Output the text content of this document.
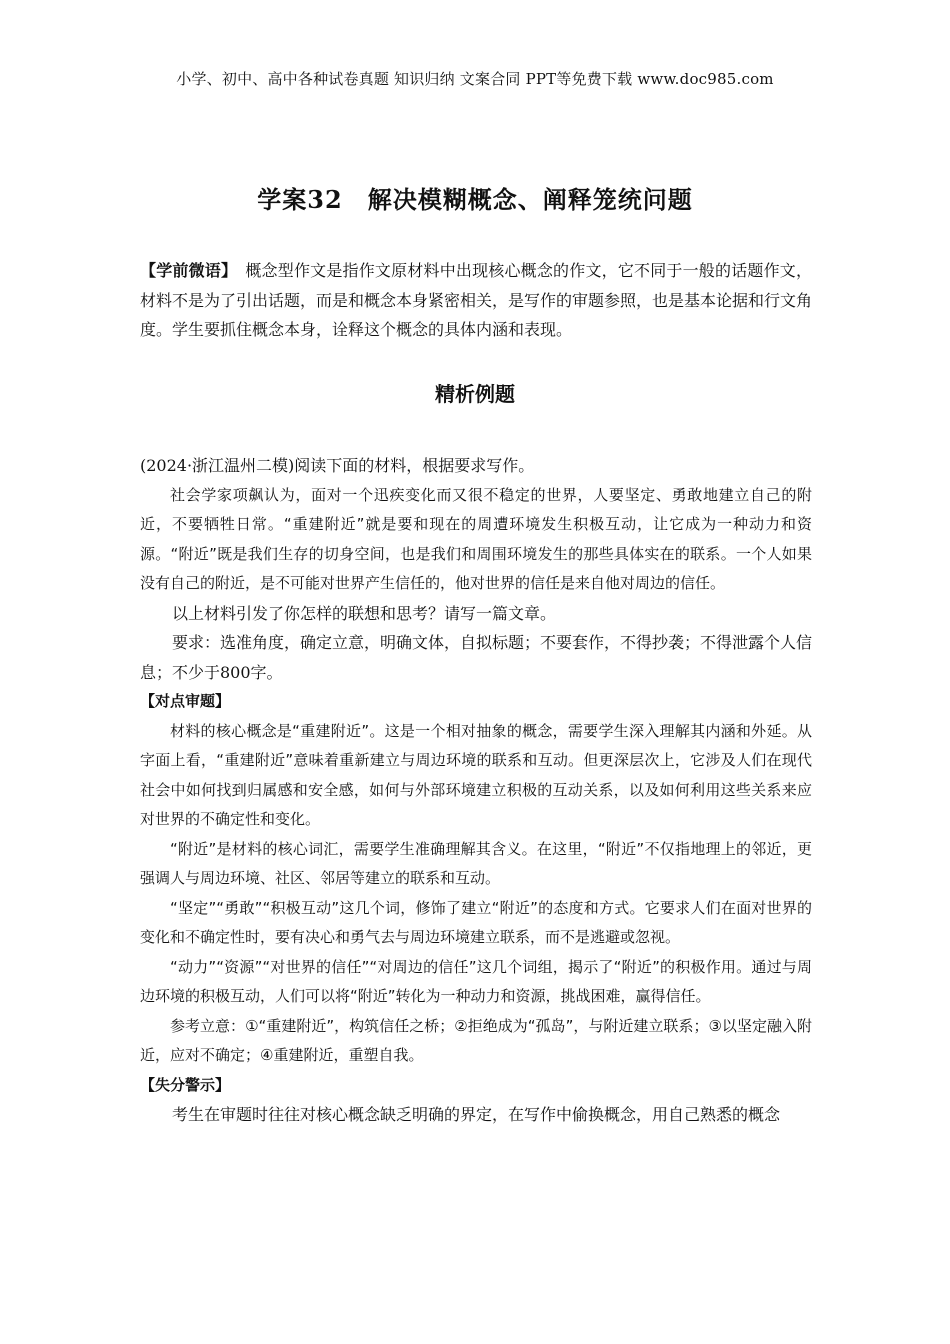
小学、初中、高中各种试卷真题 知识归纳 文案合同 PPT等免费下载 www.doc985.com
学案32　解决模糊概念、阐释笼统问题

【学前微语】　概念型作文是指作文原材料中出现核心概念的作文，它不同于一般的话题作文，材料不是为了引出话题，而是和概念本身紧密相关，是写作的审题参照，也是基本论据和行文角度。学生要抓住概念本身，诠释这个概念的具体内涵和表现。

精析例题

(2024·浙江温州二模)阅读下面的材料，根据要求写作。

社会学家项飙认为，面对一个迅疾变化而又很不稳定的世界，人要坚定、勇敢地建立自己的附近，不要牺牲日常。“重建附近”就是要和现在的周遭环境发生积极互动，让它成为一种动力和资源。“附近”既是我们生存的切身空间，也是我们和周围环境发生的那些具体实在的联系。一个人如果没有自己的附近，是不可能对世界产生信任的，他对世界的信任是来自他对周边的信任。

以上材料引发了你怎样的联想和思考？请写一篇文章。

要求：选准角度，确定立意，明确文体，自拟标题；不要套作，不得抄袭；不得泄露个人信息；不少于800字。

【对点审题】

材料的核心概念是“重建附近”。这是一个相对抽象的概念，需要学生深入理解其内涵和外延。从字面上看，“重建附近”意味着重新建立与周边环境的联系和互动。但更深层次上，它涉及人们在现代社会中如何找到归属感和安全感，如何与外部环境建立积极的互动关系，以及如何利用这些关系来应对世界的不确定性和变化。

“附近”是材料的核心词汇，需要学生准确理解其含义。在这里，“附近”不仅指地理上的邻近，更强调人与周边环境、社区、邻居等建立的联系和互动。

“坚定”“勇敢”“积极互动”这几个词，修饰了建立“附近”的态度和方式。它要求人们在面对世界的变化和不确定性时，要有决心和勇气去与周边环境建立联系，而不是逃避或忽视。

“动力”“资源”“对世界的信任”“对周边的信任”这几个词组，揭示了“附近”的积极作用。通过与周边环境的积极互动，人们可以将“附近”转化为一种动力和资源，挑战困难，赢得信任。

参考立意：①“重建附近”，构筑信任之桥；②拒绝成为“孤岛”，与附近建立联系；③以坚定融入附近，应对不确定；④重建附近，重塑自我。

【失分警示】

考生在审题时往往对核心概念缺乏明确的界定，在写作中偷换概念，用自己熟悉的概念
